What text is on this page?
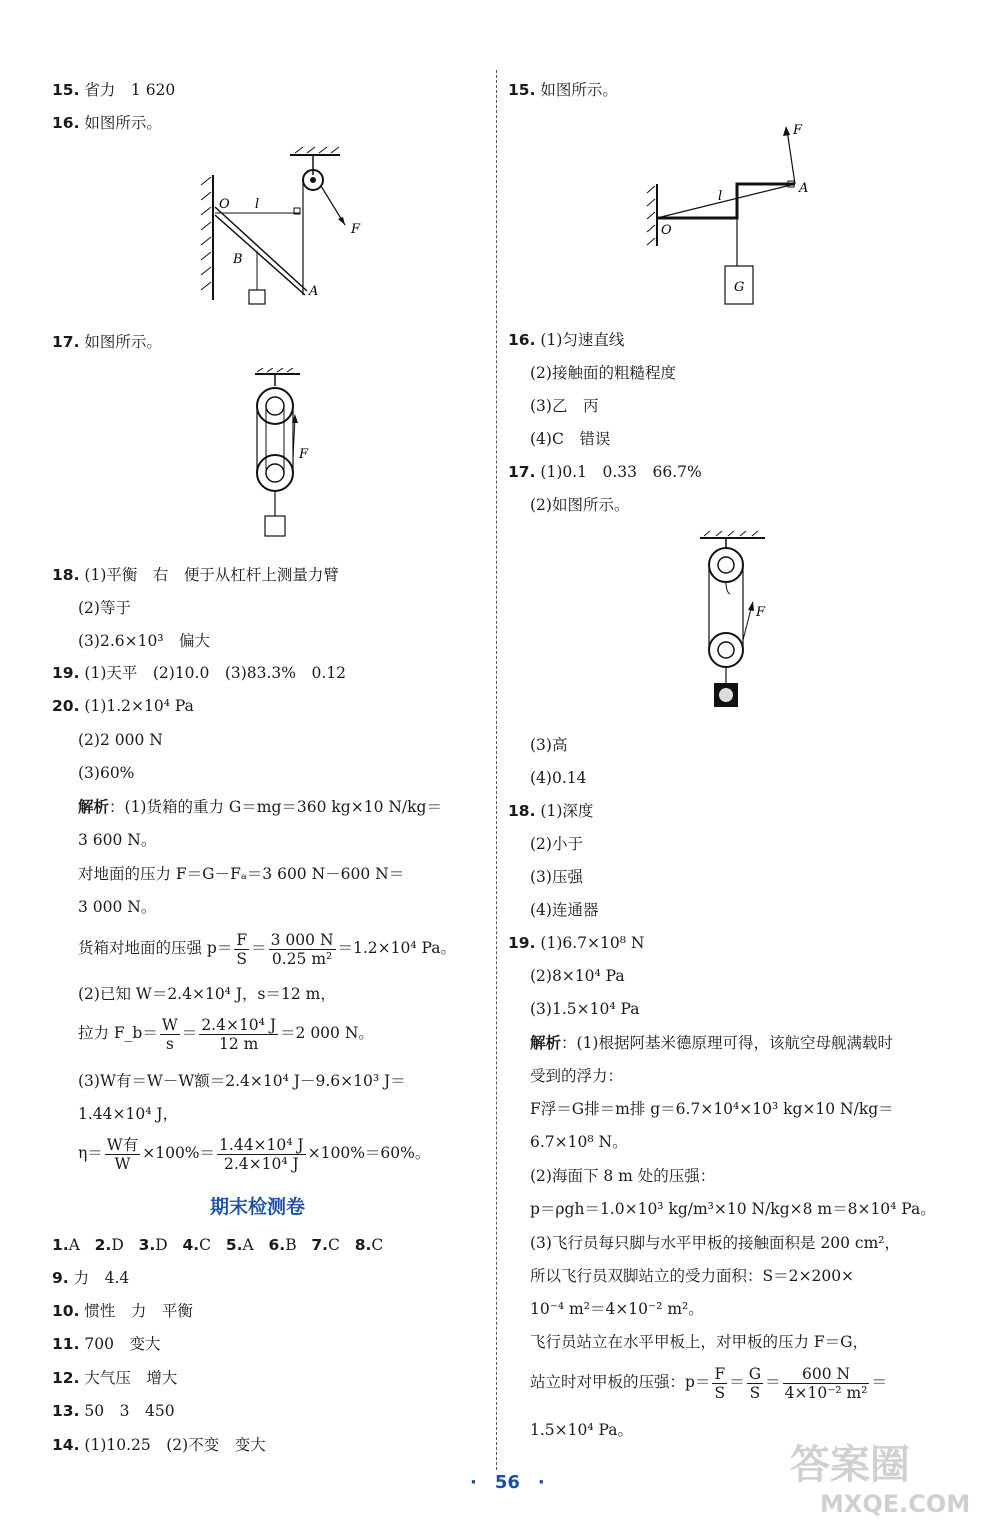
15. 省力　1 620
16. 如图所示。
O l
F
B
A
17. 如图所示。
F
18. (1)平衡　右　便于从杠杆上测量力臂
(2)等于
(3)2.6×10³　偏大
19. (1)天平　(2)10.0　(3)83.3%　0.12
20. (1)1.2×10⁴ Pa
(2)2 000 N
(3)60%
解析：(1)货箱的重力 G＝mg＝360 kg×10 N/kg＝
3 600 N。
对地面的压力 F＝G－Fₐ＝3 600 N－600 N＝
3 000 N。
货箱对地面的压强 $p= \frac{F}{S} = \frac{3 000 N}{\text{0.25 m²}} =1.2\times 10^4$ Pa。
(2)已知 W＝2.4×10⁴ J，s＝12 m，
拉力 F_b＝ $\frac{W}{s} = \frac{\text{2.4×10⁴ J}}{12 m} =2$ 000 N。
(3)W有＝W－W额＝2.4×10⁴ J－9.6×10³ J＝
1.44×10⁴ J，
$\eta= \frac{\text{W有}}{W} \times 100\%= \frac{\text{1.44×10⁴ J}}{\text{2.4×10⁴ J}} \times 100\%=60\%$。
期末检测卷
1.A 2.D 3.D 4.C 5.A 6.B 7.C 8.C
9. 力　4.4
10. 惯性　力　平衡
11. 700　变大
12. 大气压　增大
13. 50　3　450
14. (1)10.25　(2)不变　变大
15. 如图所示。
F
l
A
O
G
16. (1)匀速直线
(2)接触面的粗糙程度
(3)乙　丙
(4)C　错误
17. (1)0.1　0.33　66.7%
(2)如图所示。
F
(3)高
(4)0.14
18. (1)深度
(2)小于
(3)压强
(4)连通器
19. (1)6.7×10⁸ N
(2)8×10⁴ Pa
(3)1.5×10⁴ Pa
解析：(1)根据阿基米德原理可得，该航空母舰满载时
受到的浮力：
F浮＝G排＝m排 g＝6.7×10⁴×10³ kg×10 N/kg＝
6.7×10⁸ N。
(2)海面下 8 m 处的压强：
p＝ρgh＝1.0×10³ kg/m³×10 N/kg×8 m＝8×10⁴ Pa。
(3)飞行员每只脚与水平甲板的接触面积是 200 cm²，
所以飞行员双脚站立的受力面积：S＝2×200×
10⁻⁴ m²＝4×10⁻² m²。
飞行员站立在水平甲板上，对甲板的压力 F＝G，
站立时对甲板的压强：$p= \frac{F}{S} = \frac{G}{S} = \frac{600 N}{\text{4×10⁻² m²}}$ ＝
1.5×10⁴ Pa。
·　56　·	答案圈
MXQE.COM
